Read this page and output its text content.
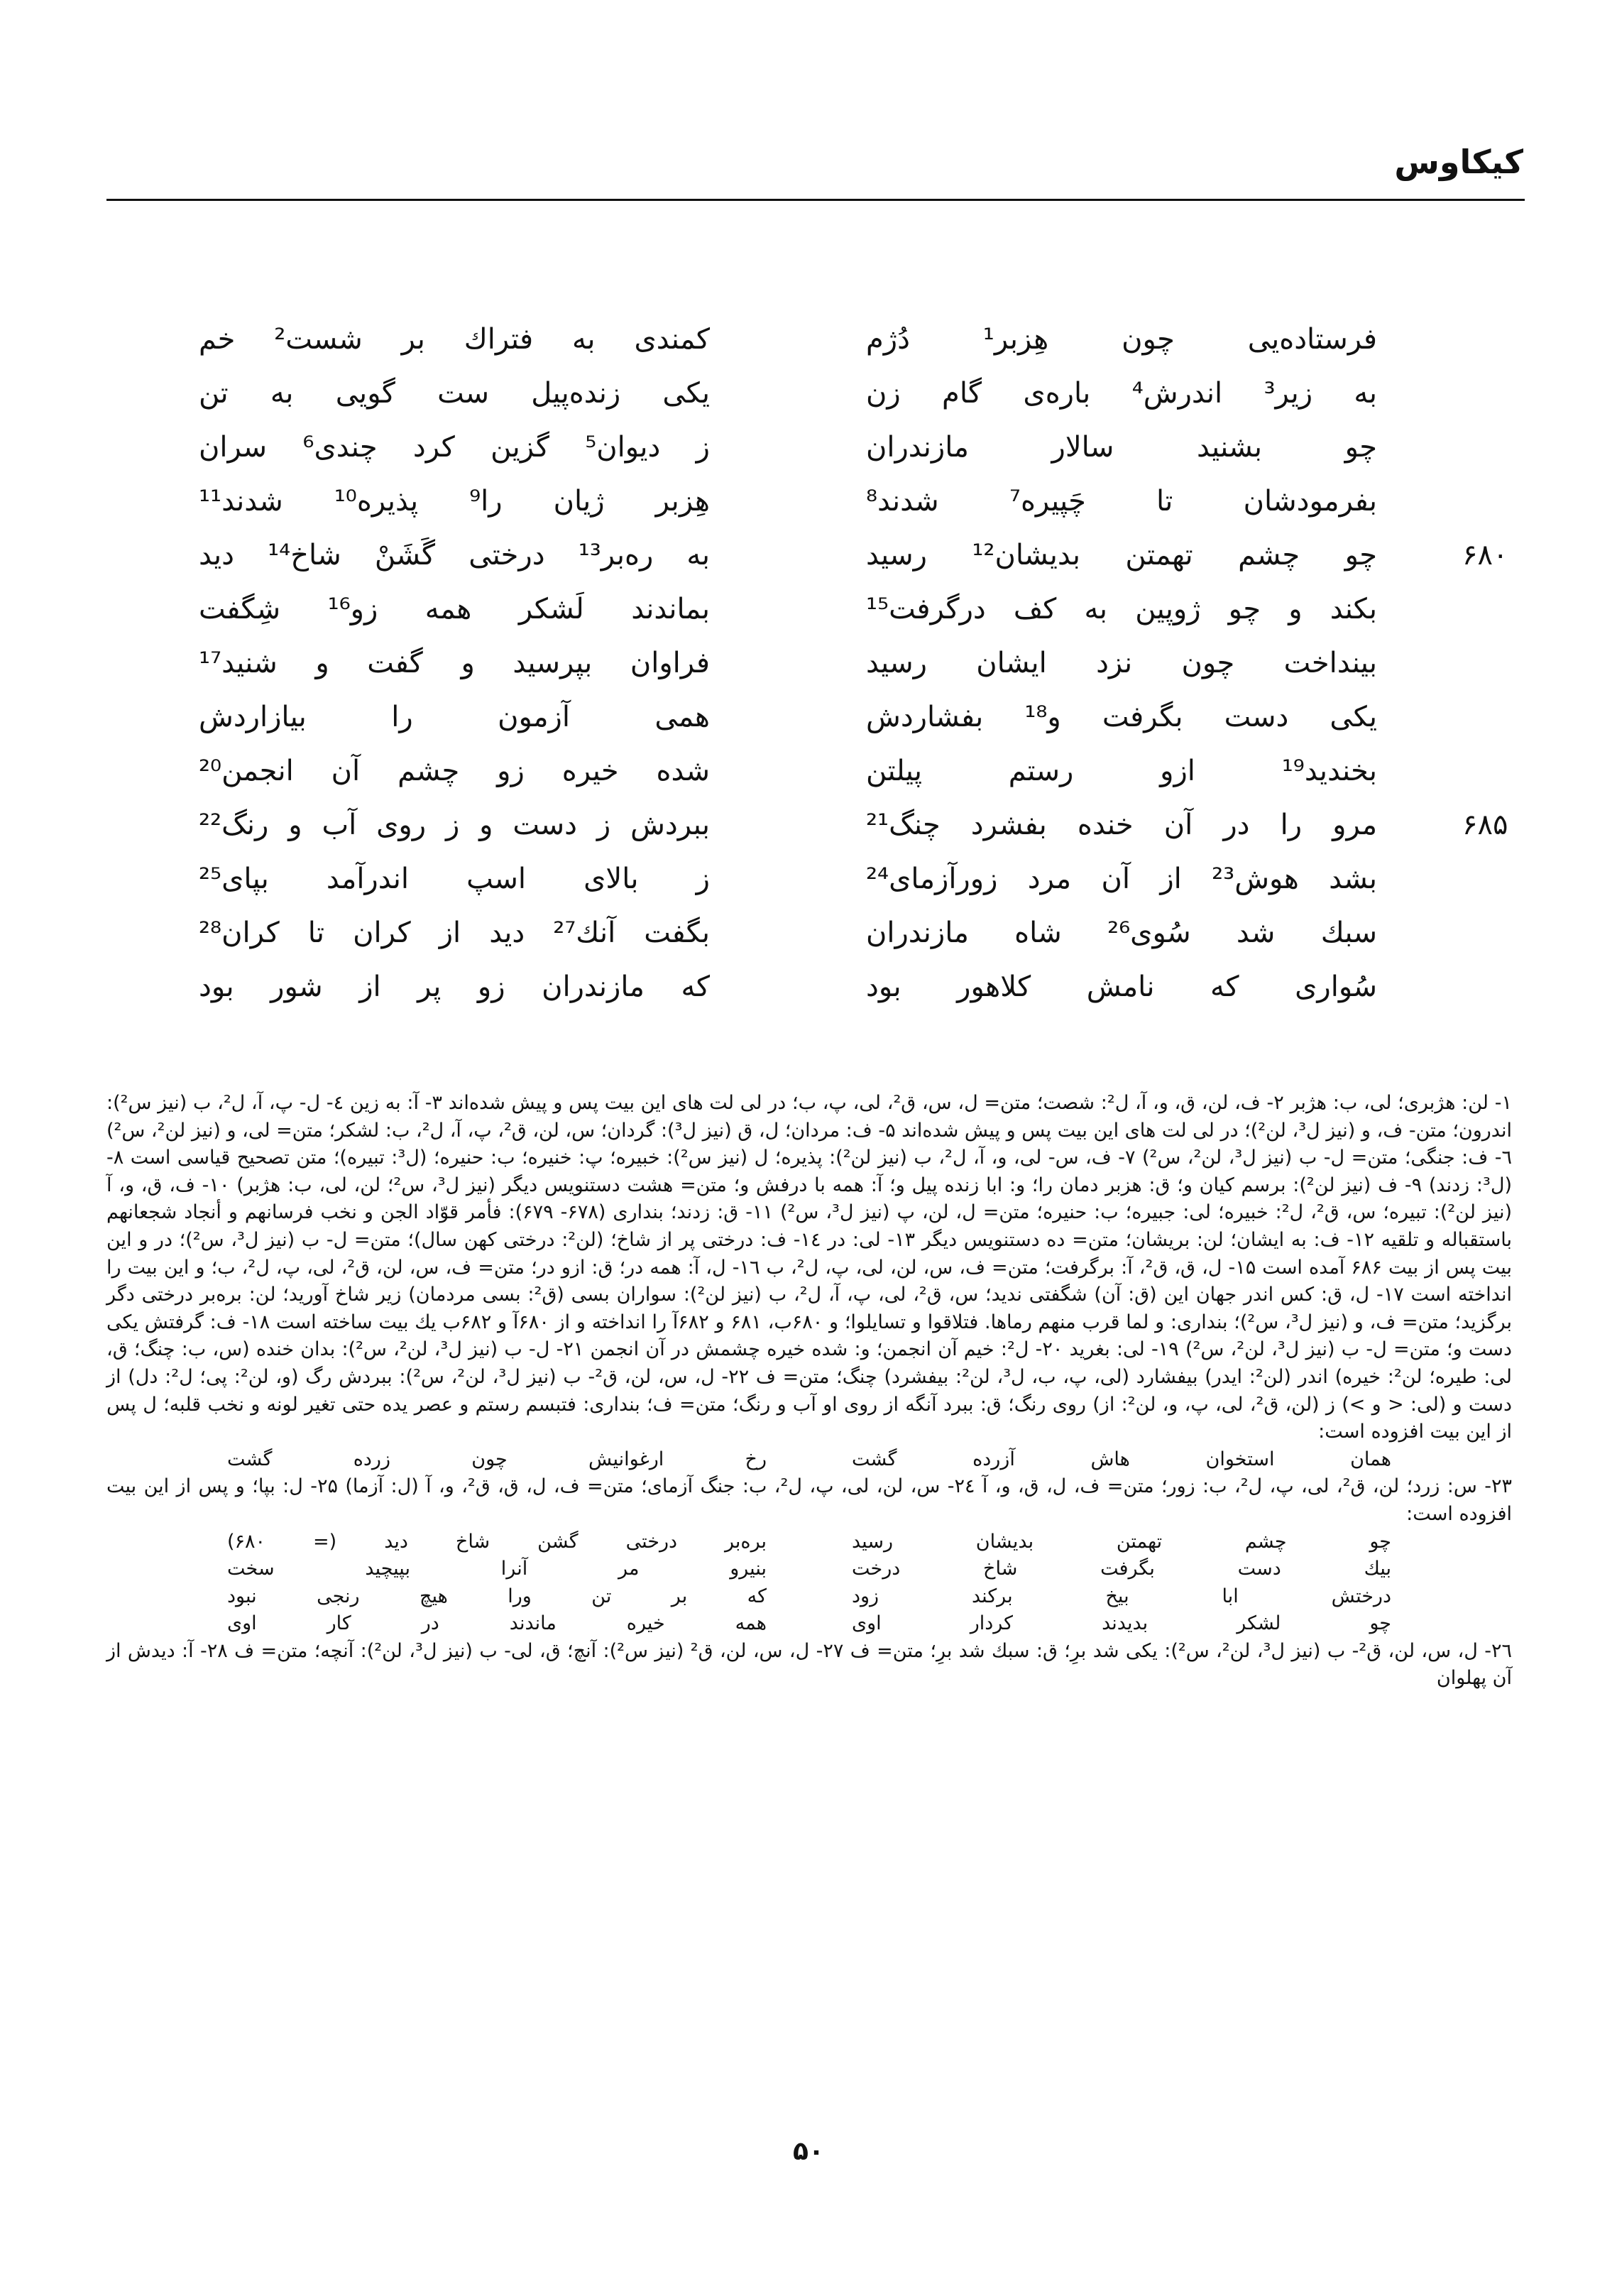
کیکاوس
فرستاده‌یی چون هِزبر¹ دُژم
کمندی به فتراك بر شست² خم
به زیر³ اندرش⁴ باره‌ی گام زن
یکی زنده‌پیل ست گویی به تن
چو بشنید سالار مازندران
ز دیوان⁵ گزین کرد چندی⁶ سران
بفرمودشان تا چَپیره⁷ شدند⁸
هِزبر ژیان را⁹ پذیره¹⁰ شدند¹¹
۶۸۰
چو چشم تهمتن بدیشان¹² رسید
به رەبر¹³ درختی گَشَنْ شاخ¹⁴ دید
بکند و چو ژوپین به کف درگرفت¹⁵
بماندند لَشکر همه زو¹⁶ شِگفت
بینداخت چون نزد ایشان رسید
فراوان بپرسید و گفت و شنید¹⁷
یکی دست بگرفت و¹⁸ بفشاردش
همی آزمون را بیازاردش
بخندید¹⁹ ازو رستم پیلتن
شده خیره زو چشم آن انجمن²⁰
۶۸۵
مرو را در آن خنده بفشرد چنگ²¹
ببردش ز دست و ز روی آب و رنگ²²
بشد هوش²³ از آن مرد زورآزمای²⁴
ز بالای اسپ اندرآمد بپای²⁵
سبك شد سُوی²⁶ شاه مازندران
بگفت آنك²⁷ دید از کران تا کران²⁸
سُواری که نامش کلاهور بود
که مازندران زو پر از شور بود

۱- لن: هژبری؛ لی، ب: هژبر ۲- ف، لن، ق، و، آ، ل²: شصت؛ متن= ل، س، ق²، لی، پ، ب؛ در لی لت های این بیت پس و پیش شده‌اند ۳- آ: به زین ٤- ل- پ، آ، ل²، ب (نیز س²): اندرون؛ متن- ف، و (نیز ل³، لن²)؛ در لی لت های این بیت پس و پیش شده‌اند ۵- ف: مردان؛ ل، ق (نیز ل³): گردان؛ س، لن، ق²، پ، آ، ل²، ب: لشکر؛ متن= لی، و (نیز لن²، س²) ٦- ف: جنگی؛ متن= ل- ب (نیز ل³، لن²، س²) ۷- ف، س- لی، و، آ، ل²، ب (نیز لن²): پذیره؛ ل (نیز س²): خبیره؛ پ: خنیره؛ ب: حنیره؛ (ل³: تبیره)؛ متن تصحیح قیاسی است ۸- (ل³: زدند) ۹- ف (نیز لن²): برسم کیان و؛ ق: هزبر دمان را؛ و: ابا زنده پیل و؛ آ: همه با درفش و؛ متن= هشت دستنویس دیگر (نیز ل³، س²؛ لن، لی، ب: هژبر) ۱۰- ف، ق، و، آ (نیز لن²): تبیره؛ س، ق²، ل²: خبیره؛ لی: جبیره؛ ب: حنیره؛ متن= ل، لن، پ (نیز ل³، س²) ۱۱- ق: زدند؛ بنداری (۶۷۸- ۶۷۹): فأمر قوّاد الجن و نخب فرسانهم و أنجاد شجعانهم باستقباله و تلقیه ۱۲- ف: به ایشان؛ لن: بریشان؛ متن= ده دستنویس دیگر ۱۳- لی: در ۱٤- ف: درختی پر از شاخ؛ (لن²: درختی کهن سال)؛ متن= ل- ب (نیز ل³، س²)؛ در و این بیت پس از بیت ۶۸۶ آمده است ۱۵- ل، ق، ق²، آ: برگرفت؛ متن= ف، س، لن، لی، پ، ل²، ب ۱٦- ل، آ: همه در؛ ق: ازو در؛ متن= ف، س، لن، ق²، لی، پ، ل²، ب؛ و این بیت را انداخته است ۱۷- ل، ق: کس اندر جهان این (ق: آن) شگفتی ندید؛ س، ق²، لی، پ، آ، ل²، ب (نیز لن²): سواران بسی (ق²: بسی مردمان) زیر شاخ آورید؛ لن: بره‌بر درختی دگر برگزید؛ متن= ف، و (نیز ل³، س²)؛ بنداری: و لما قرب منهم رماها. فتلاقوا و تسایلوا؛ و ۶۸۰ب، ۶۸۱ و ۶۸۲آ را انداخته و از ۶۸۰آ و ۶۸۲ب یك بیت ساخته است ۱۸- ف: گرفتش یکی دست و؛ متن= ل- ب (نیز ل³، لن²، س²) ۱۹- لی: بغرید ۲۰- ل²: خیم آن انجمن؛ و: شده خیره چشمش در آن انجمن ۲۱- ل- ب (نیز ل³، لن²، س²): بدان خنده (س، ب: چنگ؛ ق، لی: طیره؛ لن²: خیره) اندر (لن²: ایدر) بیفشارد (لی، پ، ب، ل³، لن²: بیفشرد) چنگ؛ متن= ف ۲۲- ل، س، لن، ق²- ب (نیز ل³، لن²، س²): ببردش رگ (و، لن²: پی؛ ل²: دل) از دست و (لی: < و >) ز (لن، ق²، لی، پ، و، لن²: از) روی رنگ؛ ق: ببرد آنگه از روی او آب و رنگ؛ متن= ف؛ بنداری: فتبسم رستم و عصر یده حتی تغیر لونه و نخب قلبه؛ ل پس از این بیت افزوده است:

همان استخوان هاش آزرده گشت
رخ ارغوانیش چون زرده گشت

۲۳- س: زرد؛ لن، ق²، لی، پ، ل²، ب: زور؛ متن= ف، ل، ق، و، آ ۲٤- س، لن، لی، پ، ل²، ب: جنگ آزمای؛ متن= ف، ل، ق، ق²، و، آ (ل: آزما) ۲۵- ل: بپا؛ و پس از این بیت افزوده است:

چو چشم تهمتن بدیشان رسید
بره‌بر درختی گشن شاخ دید (= ۶۸۰)
بیك دست بگرفت شاخ درخت
بنیرو مر آنرا بپیچید سخت
درختش ابا بیخ برکند زود
که بر تن ورا هیچ رنجی نبود
چو لشکر بدیدند کردار اوی
همه خیره ماندند در کار اوی

۲٦- ل، س، لن، ق²- ب (نیز ل³، لن²، س²): یکی شد برِ؛ ق: سبك شد برِ؛ متن= ف ۲۷- ل، س، لن، ق² (نیز س²): آنچ؛ ق، لی- ب (نیز ل³، لن²): آنچه؛ متن= ف ۲۸- آ: دیدش از آن پهلوان

۵۰
